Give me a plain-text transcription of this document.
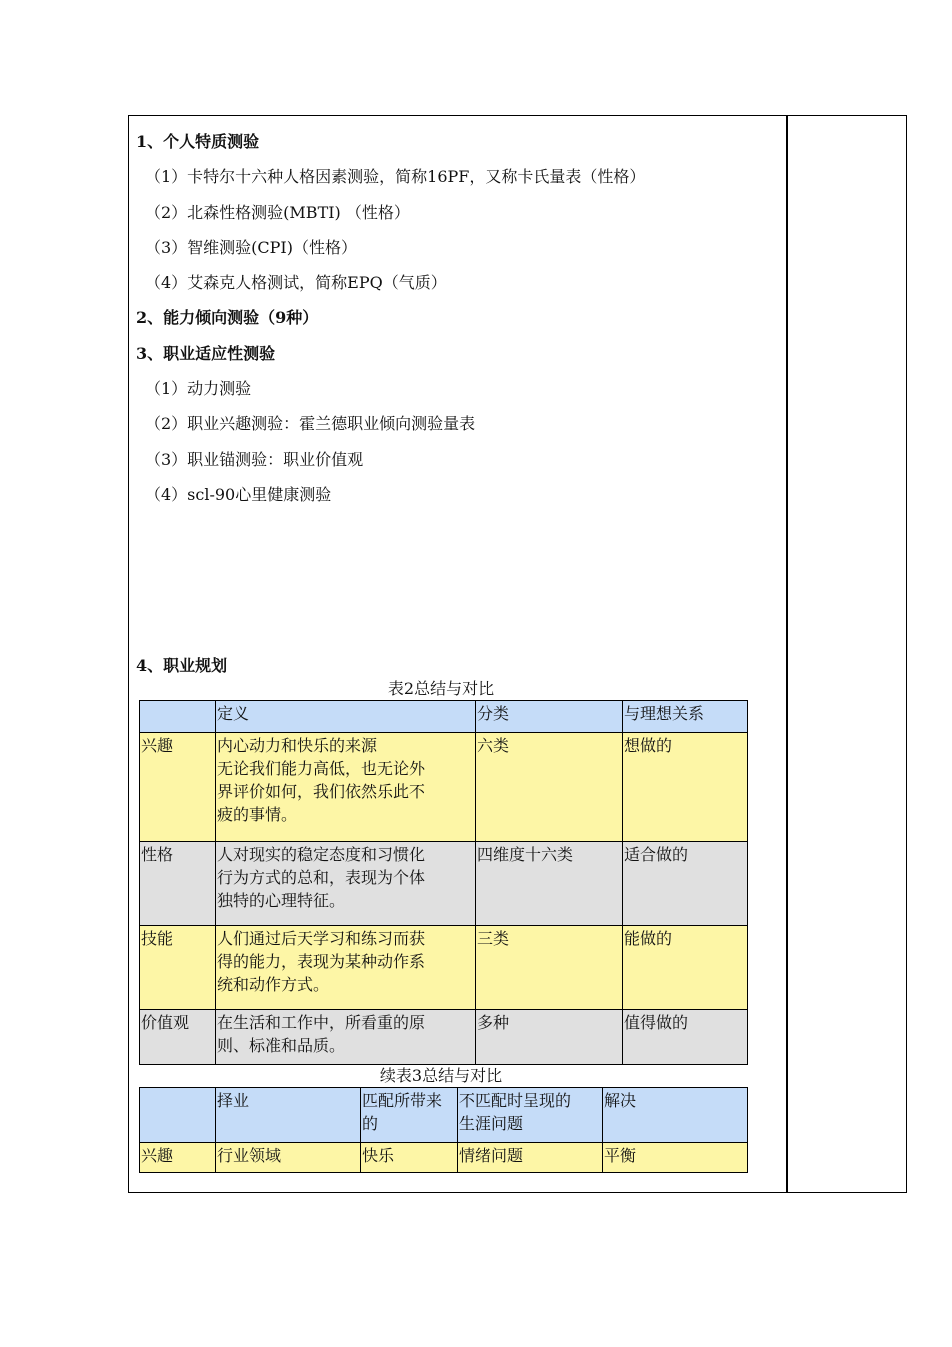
1、个人特质测验
（1）卡特尔十六种人格因素测验，简称16PF，又称卡氏量表（性格）
（2）北森性格测验(MBTI) （性格）
（3）智维测验(CPI)（性格）
（4）艾森克人格测试，简称EPQ（气质）
2、能力倾向测验（9种）
3、职业适应性测验
（1）动力测验
（2）职业兴趣测验：霍兰德职业倾向测验量表
（3）职业锚测验：职业价值观
（4）scl-90心里健康测验
4、职业规划
表2总结与对比
	定义	分类	与理想关系
兴趣	内心动力和快乐的来源
无论我们能力高低，也无论外
界评价如何，我们依然乐此不
疲的事情。	六类	想做的
性格	人对现实的稳定态度和习惯化
行为方式的总和，表现为个体
独特的心理特征。	四维度十六类	适合做的
技能	人们通过后天学习和练习而获
得的能力，表现为某种动作系
统和动作方式。	三类	能做的
价值观	在生活和工作中，所看重的原
则、标准和品质。	多种	值得做的
续表3总结与对比

	择业	匹配所带来
的	不匹配时呈现的
生涯问题	解决

兴趣	行业领域	快乐	情绪问题	平衡
